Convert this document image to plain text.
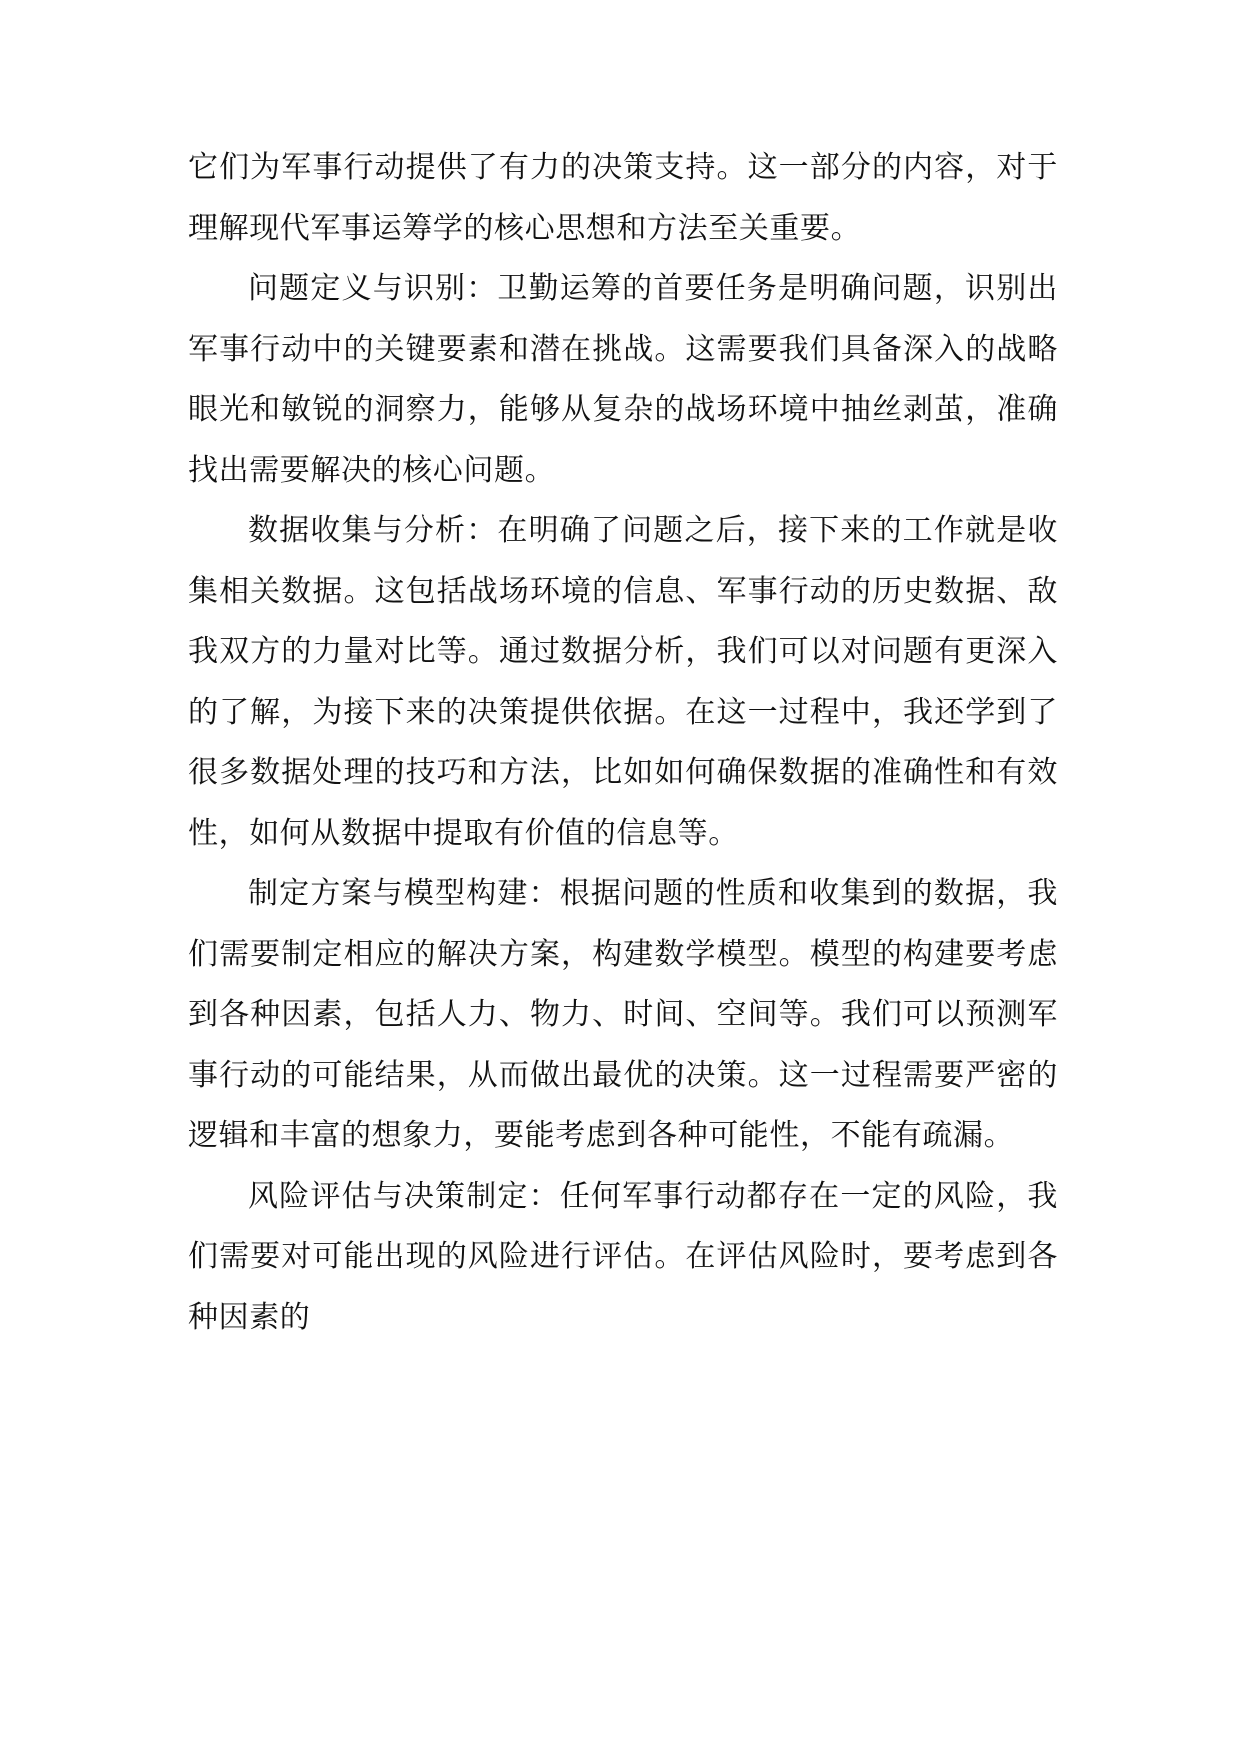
它们为军事行动提供了有力的决策支持。这一部分的内容，对于理解现代军事运筹学的核心思想和方法至关重要。

问题定义与识别：卫勤运筹的首要任务是明确问题，识别出军事行动中的关键要素和潜在挑战。这需要我们具备深入的战略眼光和敏锐的洞察力，能够从复杂的战场环境中抽丝剥茧，准确找出需要解决的核心问题。

数据收集与分析：在明确了问题之后，接下来的工作就是收集相关数据。这包括战场环境的信息、军事行动的历史数据、敌我双方的力量对比等。通过数据分析，我们可以对问题有更深入的了解，为接下来的决策提供依据。在这一过程中，我还学到了很多数据处理的技巧和方法，比如如何确保数据的准确性和有效性，如何从数据中提取有价值的信息等。

制定方案与模型构建：根据问题的性质和收集到的数据，我们需要制定相应的解决方案，构建数学模型。模型的构建要考虑到各种因素，包括人力、物力、时间、空间等。我们可以预测军事行动的可能结果，从而做出最优的决策。这一过程需要严密的逻辑和丰富的想象力，要能考虑到各种可能性，不能有疏漏。

风险评估与决策制定：任何军事行动都存在一定的风险，我们需要对可能出现的风险进行评估。在评估风险时，要考虑到各种因素的
